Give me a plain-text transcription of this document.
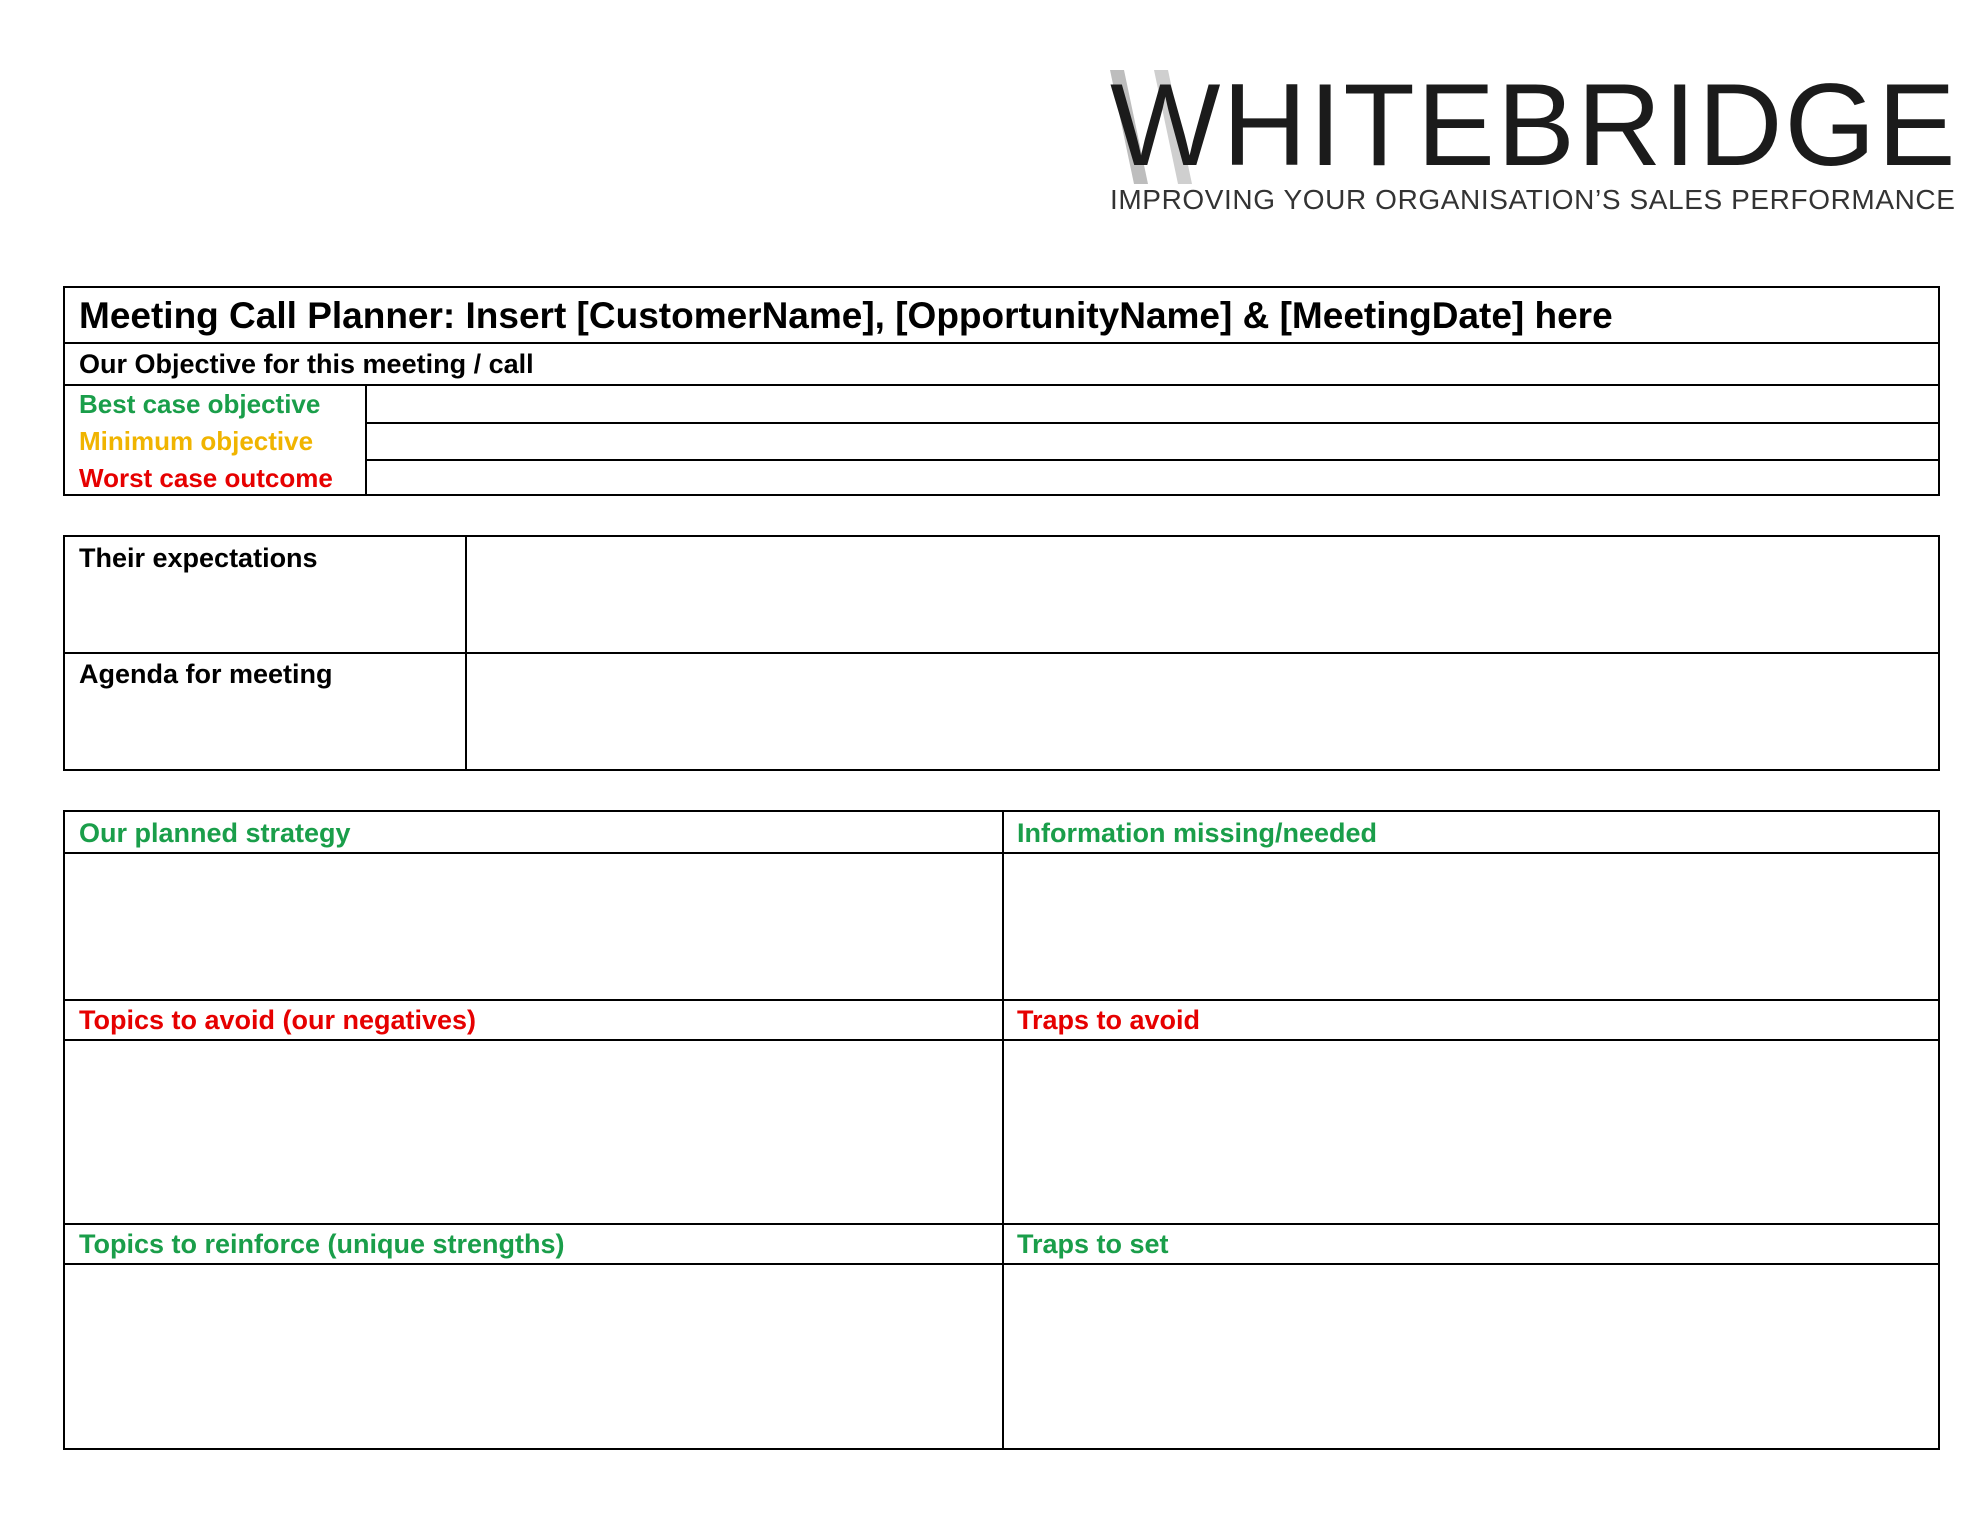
WHITEBRIDGE
IMPROVING YOUR ORGANISATION’S SALES PERFORMANCE
Meeting Call Planner: Insert [CustomerName], [OpportunityName] & [MeetingDate] here
Our Objective for this meeting / call
Best case objective
Minimum objective
Worst case outcome
Their expectations
Agenda for meeting
Our planned strategy	Information missing/needed
Topics to avoid (our negatives)	Traps to avoid
Topics to reinforce (unique strengths)	Traps to set
